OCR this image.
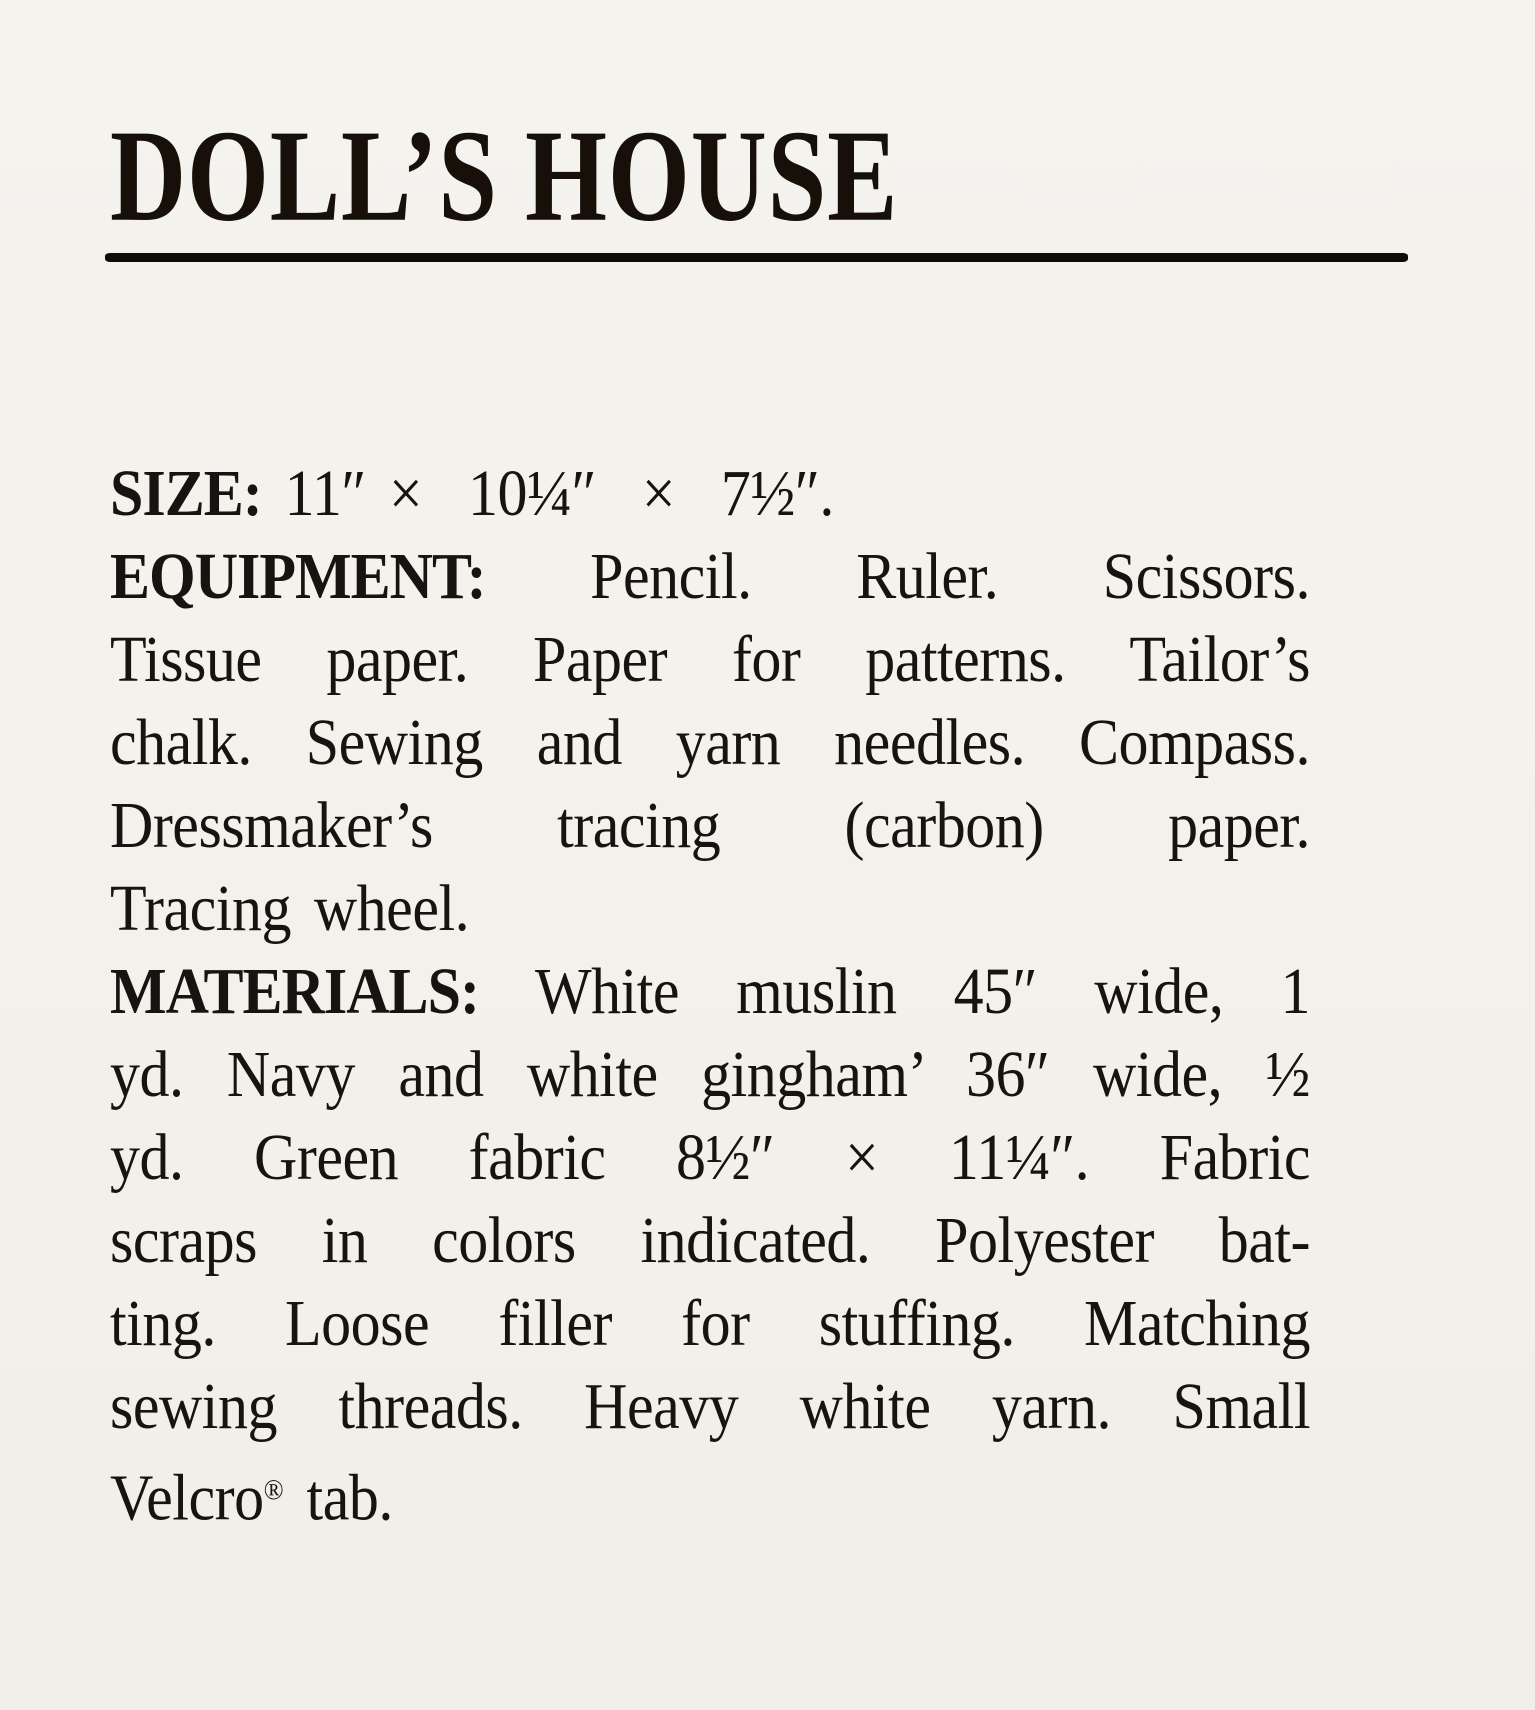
DOLL’S HOUSE
SIZE: 11″ ×  10¼″  ×  7½″.
EQUIPMENT: Pencil. Ruler. Scissors.
Tissue paper. Paper for patterns. Tailor’s
chalk. Sewing and yarn needles. Compass.
Dressmaker’s tracing (carbon) paper.
Tracing wheel.
MATERIALS: White muslin 45″ wide, 1
yd. Navy and white gingham’ 36″ wide, ½
yd. Green fabric 8½″ × 11¼″. Fabric
scraps in colors indicated. Polyester bat-
ting. Loose filler for stuffing. Matching
sewing threads. Heavy white yarn. Small
Velcro® tab.
